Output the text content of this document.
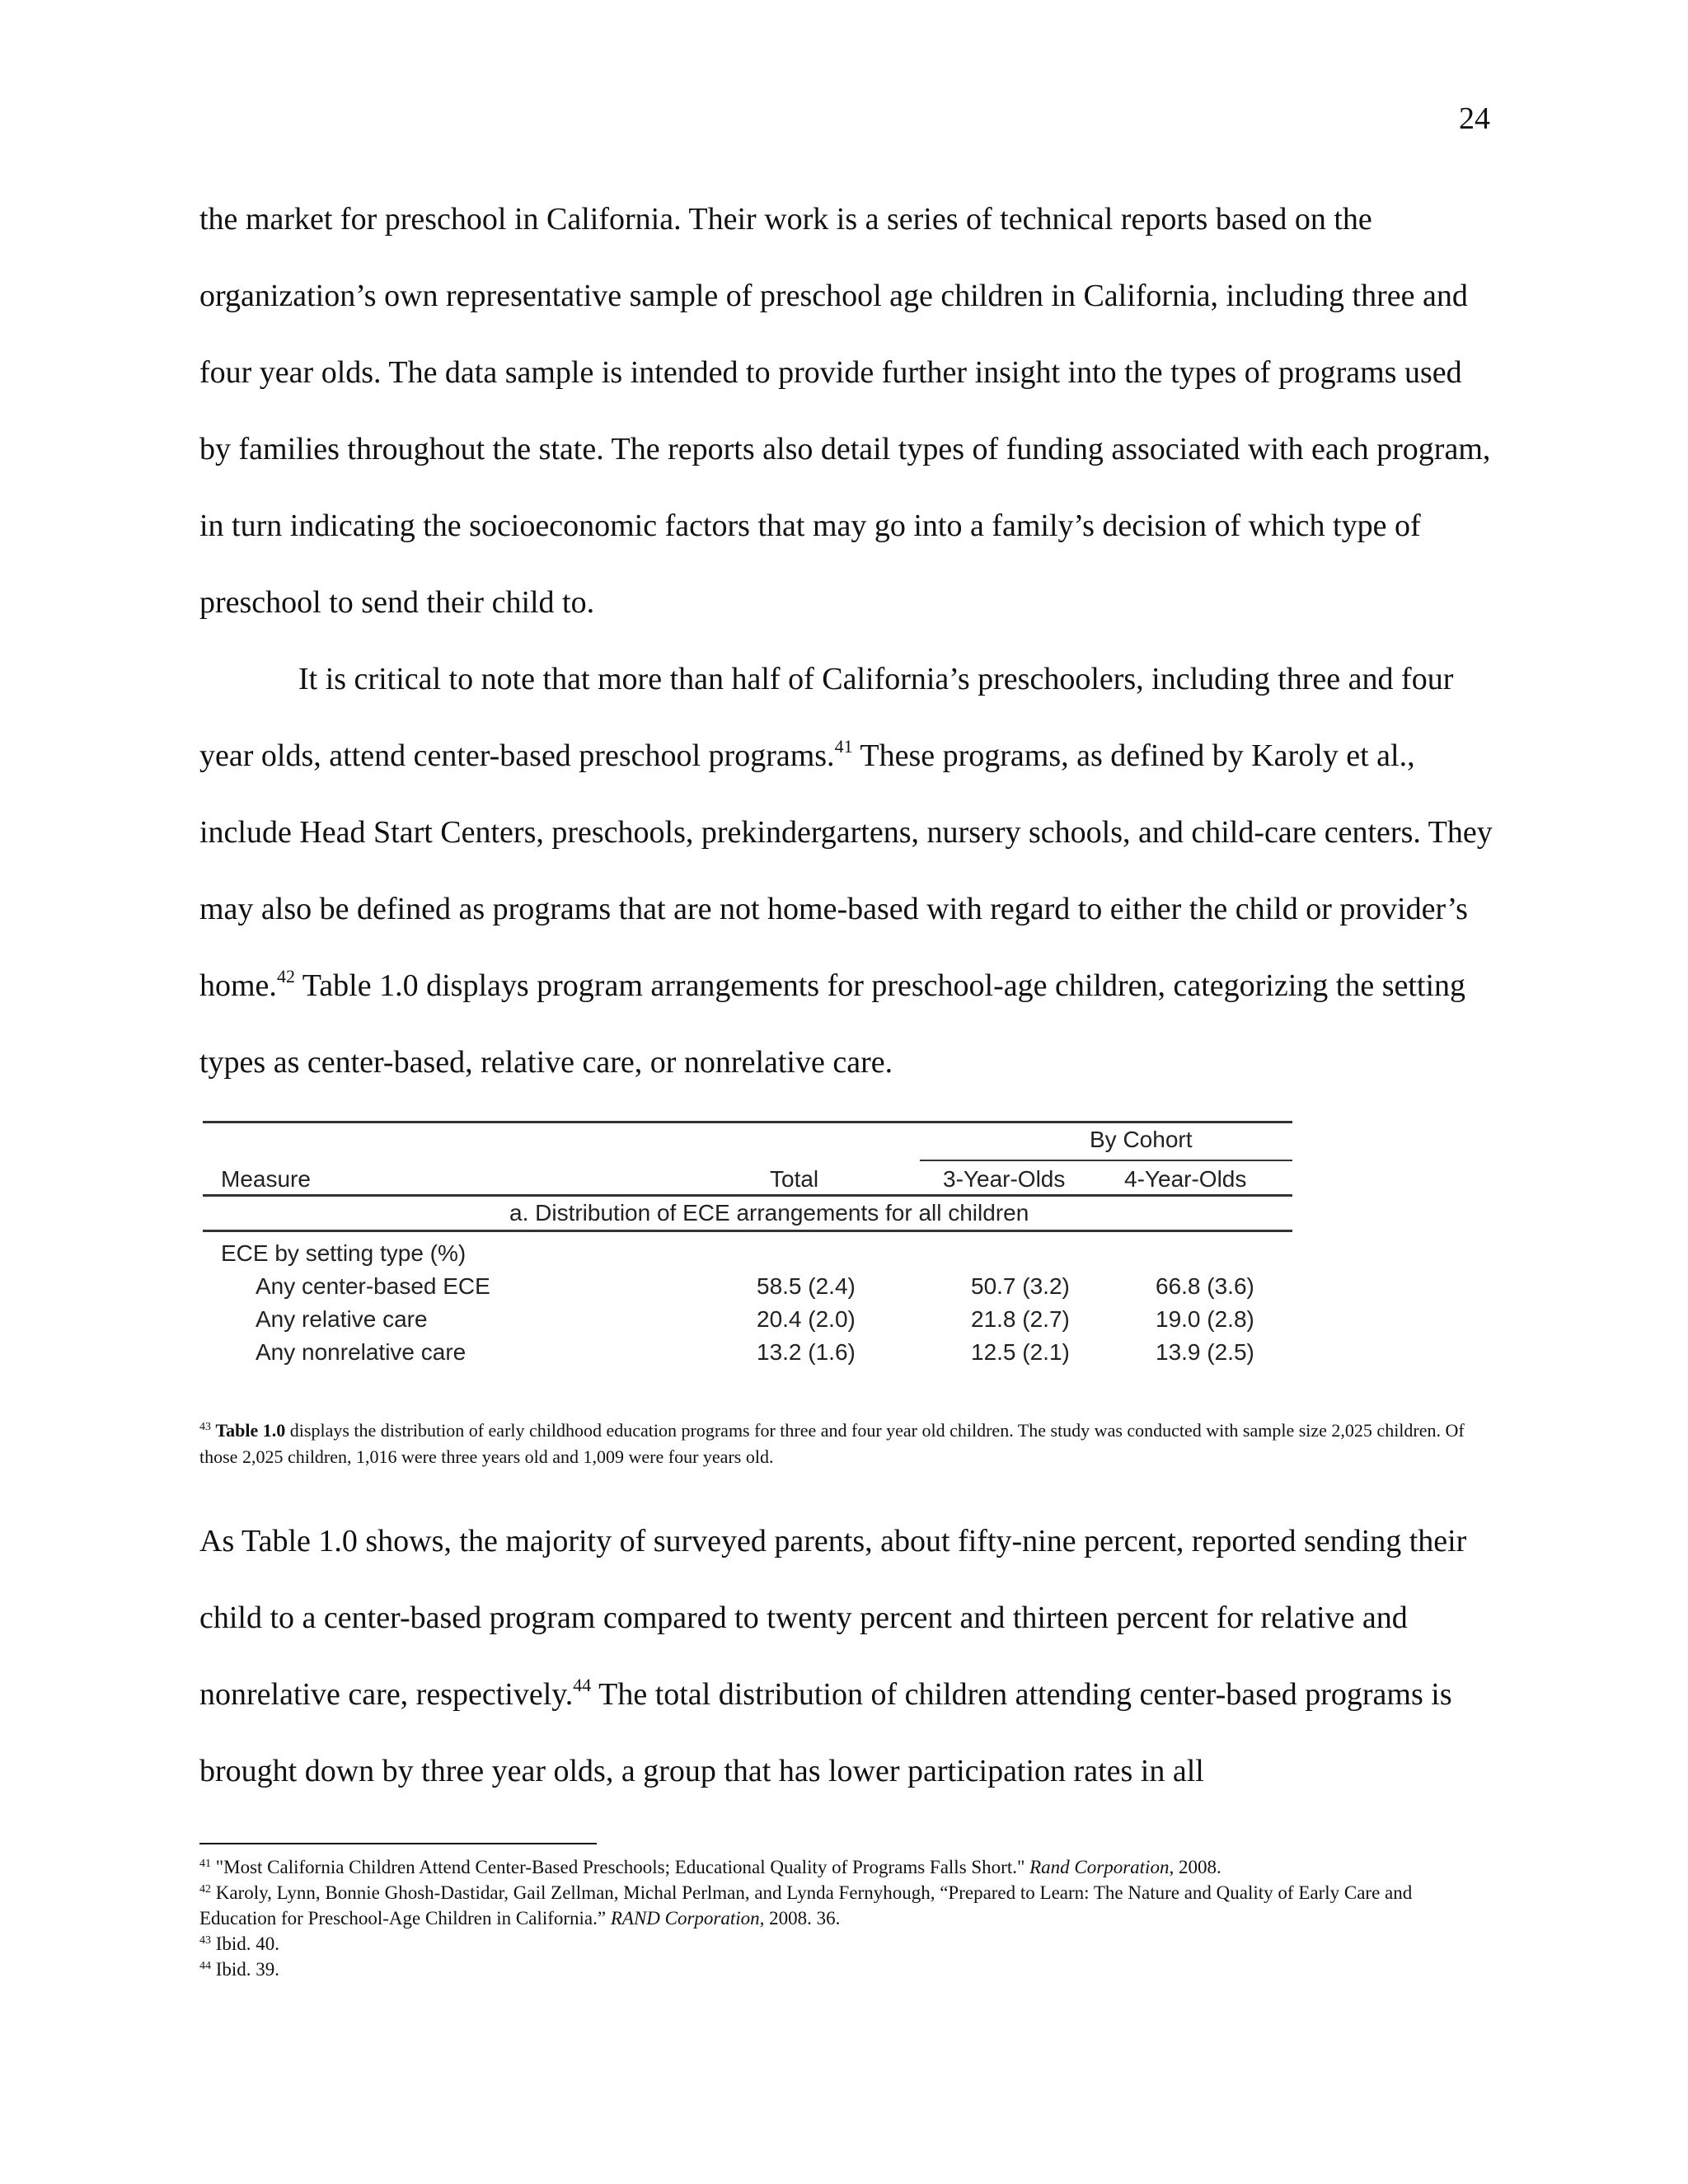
24

the market for preschool in California. Their work is a series of technical reports based on the organization’s own representative sample of preschool age children in California, including three and four year olds. The data sample is intended to provide further insight into the types of programs used by families throughout the state. The reports also detail types of funding associated with each program, in turn indicating the socioeconomic factors that may go into a family’s decision of which type of preschool to send their child to.

It is critical to note that more than half of California’s preschoolers, including three and four year olds, attend center-based preschool programs.$^{41}$ These programs, as defined by Karoly et al., include Head Start Centers, preschools, prekindergartens, nursery schools, and child-care centers. They may also be defined as programs that are not home-based with regard to either the child or provider’s home.$^{42}$ Table 1.0 displays program arrangements for preschool-age children, categorizing the setting types as center-based, relative care, or nonrelative care.

By Cohort
Measure	Total	3-Year-Olds	4-Year-Olds
a. Distribution of ECE arrangements for all children
ECE by setting type (%)
Any center-based ECE	58.5 (2.4)	50.7 (3.2)	66.8 (3.6)
Any relative care	20.4 (2.0)	21.8 (2.7)	19.0 (2.8)
Any nonrelative care	13.2 (1.6)	12.5 (2.1)	13.9 (2.5)
$^{43}$ Table 1.0 displays the distribution of early childhood education programs for three and four year old children. The study was conducted with sample size 2,025 children. Of those 2,025 children, 1,016 were three years old and 1,009 were four years old.

As Table 1.0 shows, the majority of surveyed parents, about fifty-nine percent, reported sending their child to a center-based program compared to twenty percent and thirteen percent for relative and nonrelative care, respectively.$^{44}$ The total distribution of children attending center-based programs is brought down by three year olds, a group that has lower participation rates in all

$^{41}$ "Most California Children Attend Center-Based Preschools; Educational Quality of Programs Falls Short." Rand Corporation, 2008.

$^{42}$ Karoly, Lynn, Bonnie Ghosh-Dastidar, Gail Zellman, Michal Perlman, and Lynda Fernyhough, “Prepared to Learn: The Nature and Quality of Early Care and Education for Preschool-Age Children in California.” RAND Corporation, 2008. 36.

$^{43}$ Ibid. 40.

$^{44}$ Ibid. 39.
